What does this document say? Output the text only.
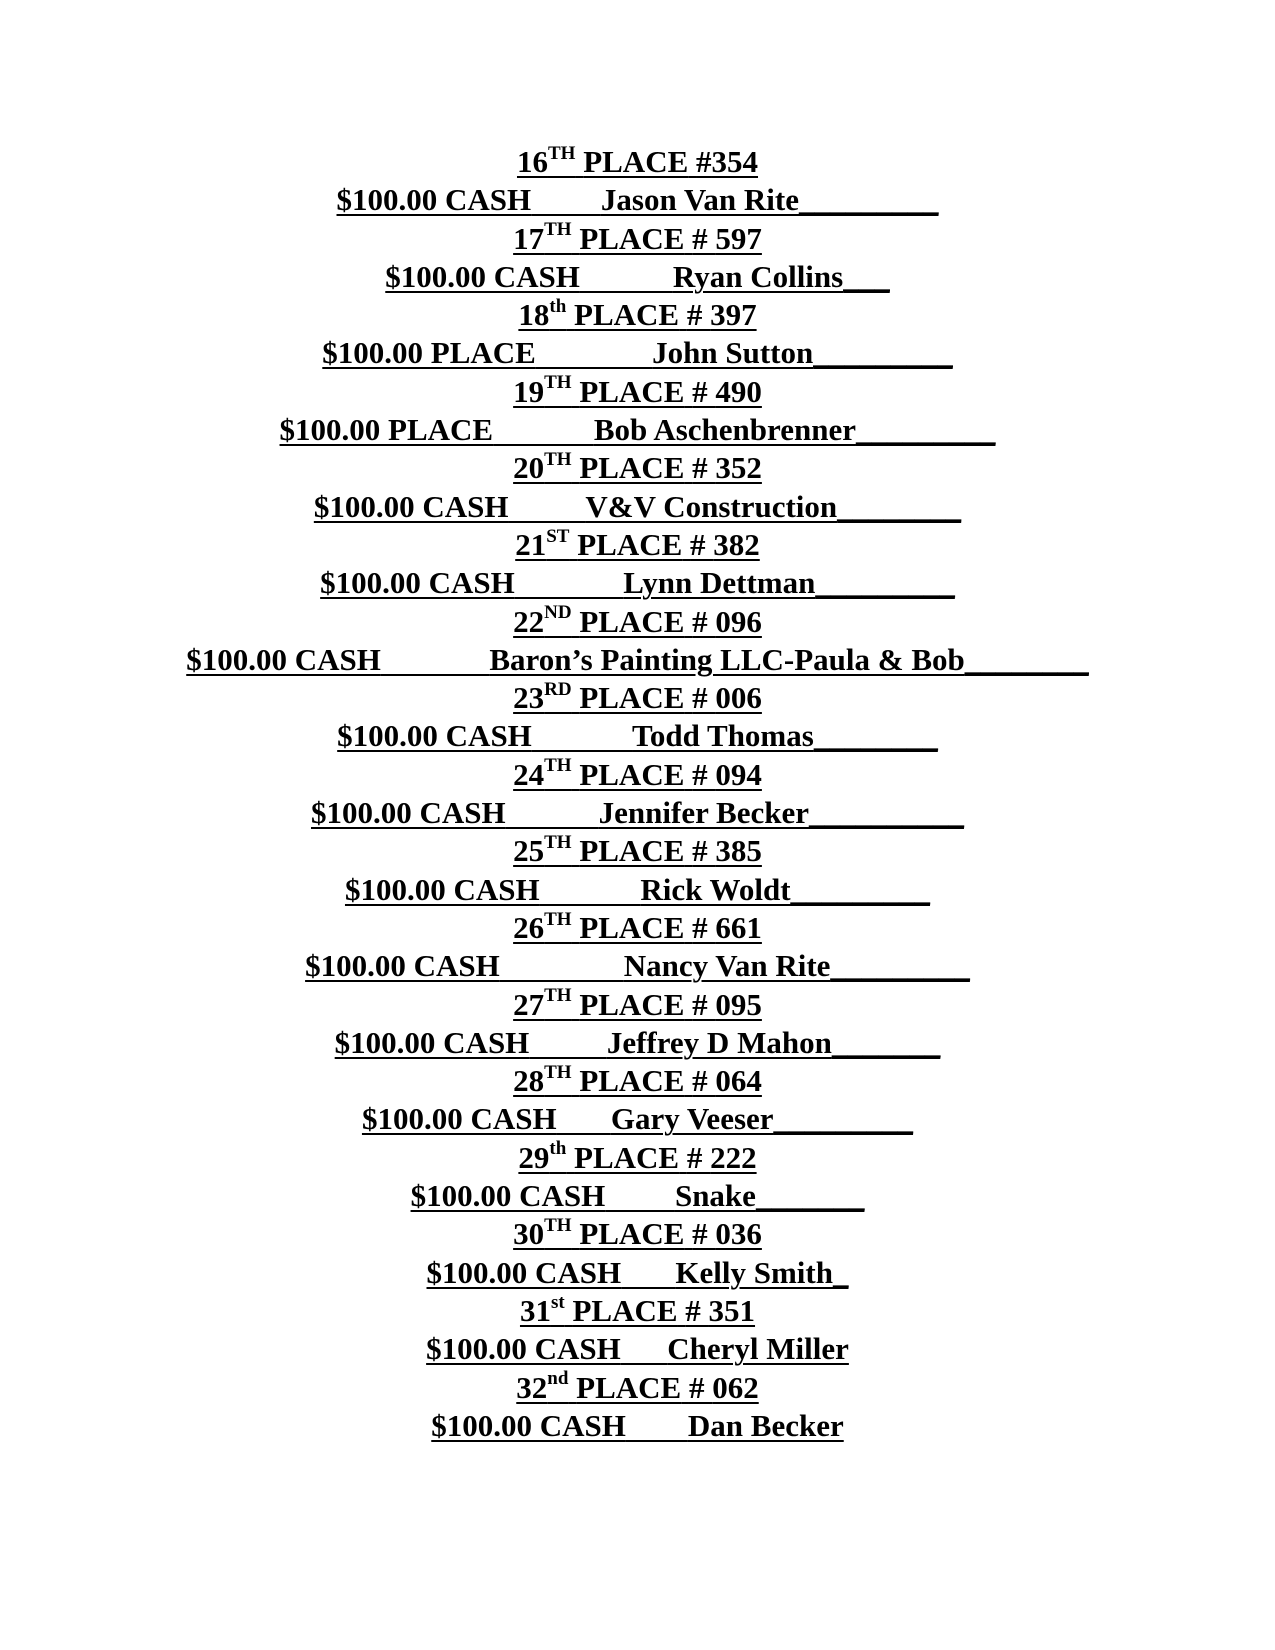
16TH PLACE #354
$100.00 CASH Jason Van Rite_________
17TH PLACE # 597
$100.00 CASH	Ryan Collins___
18th PLACE # 397
$100.00 PLACE	John Sutton_________
19TH PLACE # 490
$100.00 PLACE	Bob Aschenbrenner_________
20TH PLACE # 352
$100.00 CASH V&V Construction________
21ST PLACE # 382
$100.00 CASH	Lynn Dettman_________
22ND PLACE # 096
$100.00 CASH	Baron’s Painting LLC-Paula & Bob________
23RD PLACE # 006
$100.00 CASH	Todd Thomas________
24TH PLACE # 094
$100.00 CASH	Jennifer Becker__________
25TH PLACE # 385
$100.00 CASH	Rick Woldt_________
26TH PLACE # 661
$100.00 CASH	Nancy Van Rite_________
27TH PLACE # 095
$100.00 CASH	Jeffrey D Mahon_______
28TH PLACE # 064
$100.00 CASH Gary Veeser_________
29th PLACE # 222
$100.00 CASH Snake_______
30TH PLACE # 036
$100.00 CASH Kelly Smith_
31st PLACE # 351
$100.00 CASH Cheryl Miller
32nd PLACE # 062
$100.00 CASH Dan Becker
